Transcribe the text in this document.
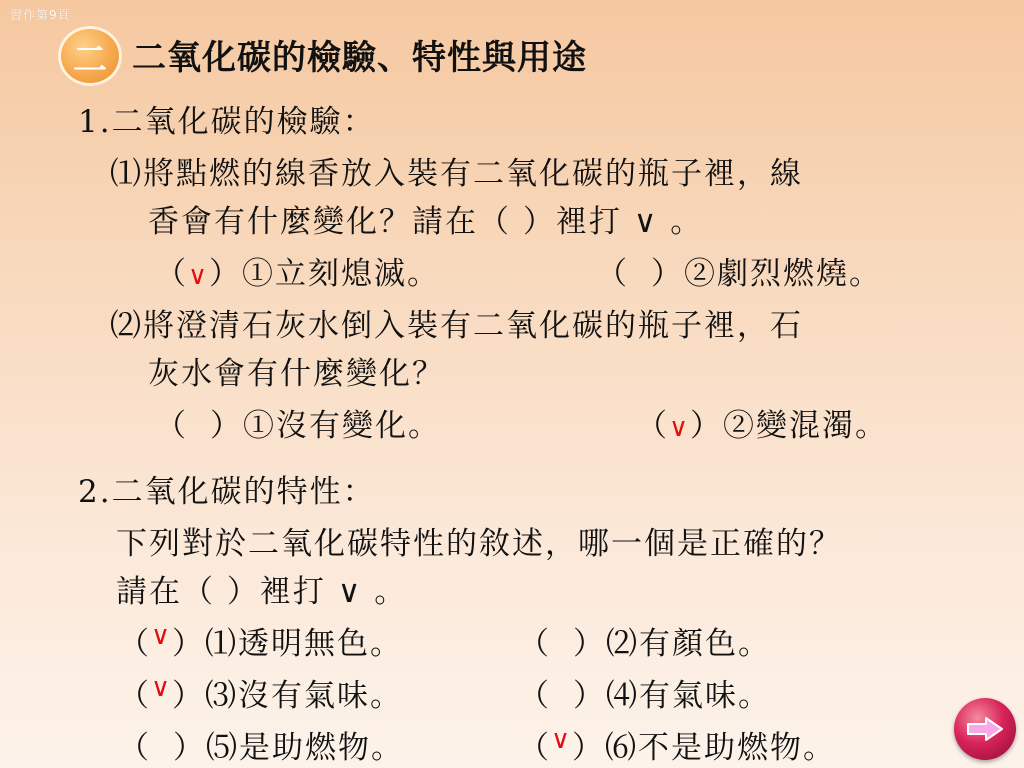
習作第9頁
二 二氧化碳的檢驗、特性與用途
1.二氧化碳的檢驗：
⑴將點燃的線香放入裝有二氧化碳的瓶子裡，線
香會有什麼變化？請在（ ）裡打 ∨ 。
（∨）①立刻熄滅。	（ ）②劇烈燃燒。
⑵將澄清石灰水倒入裝有二氧化碳的瓶子裡，石
灰水會有什麼變化？
（ ）①沒有變化。	（∨）②變混濁。
2.二氧化碳的特性：
下列對於二氧化碳特性的敘述，哪一個是正確的？
請在（ ）裡打 ∨ 。
（∨）⑴透明無色。	（ ）⑵有顏色。
（∨）⑶沒有氣味。	（ ）⑷有氣味。
（ ）⑸是助燃物。	（∨）⑹不是助燃物。
